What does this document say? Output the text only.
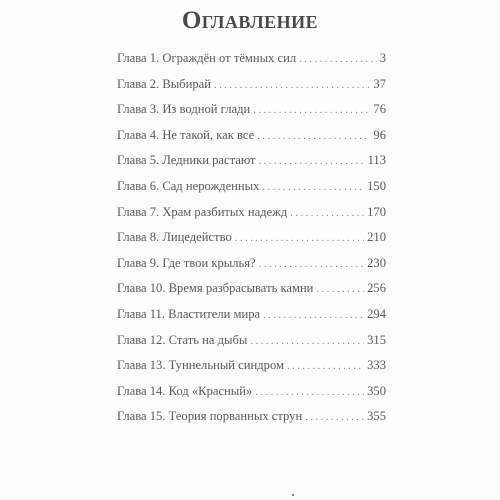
Оглавление
Глава 1. Ограждён от тёмных сил . . .	3
Глава 2. Выбирай . . .	37
Глава 3. Из водной глади . . .	76
Глава 4. Не такой, как все . . .	96
Глава 5. Ледники растают . . .	113
Глава 6. Сад нерожденных . . .	150
Глава 7. Храм разбитых надежд . . .	170
Глава 8. Лицедейство . . .	210
Глава 9. Где твои крылья? . . .	230
Глава 10. Время разбрасывать камни . . .	256
Глава 11. Властители мира . . .	294
Глава 12. Стать на дыбы . . .	315
Глава 13. Туннельный синдром . . .	333
Глава 14. Код «Красный» . . .	350
Глава 15. Теория порванных струн . . .	355
